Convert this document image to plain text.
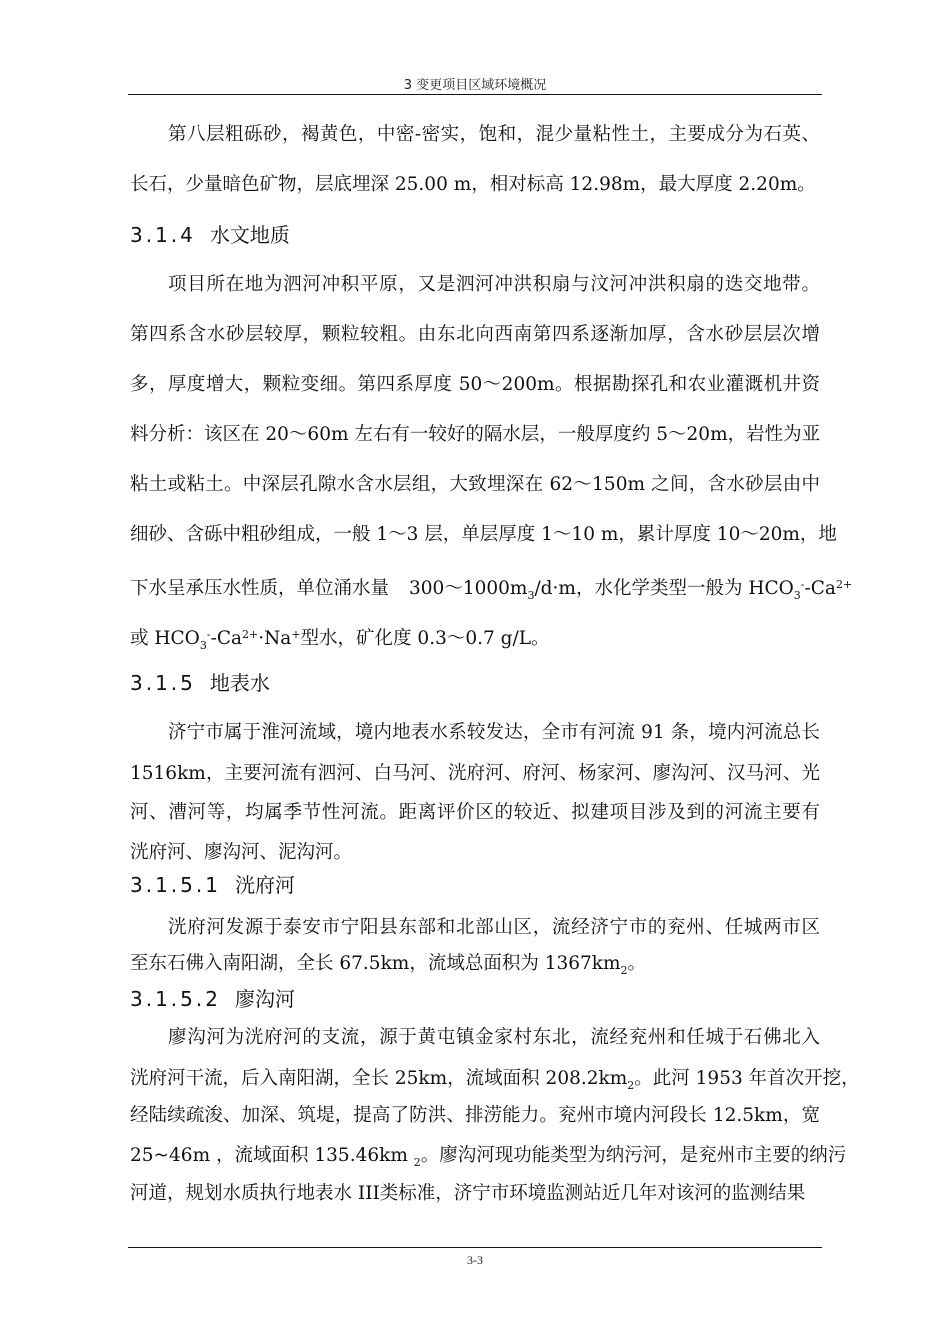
3 变更项目区域环境概况
第八层粗砾砂，褐黄色，中密-密实，饱和，混少量粘性土，主要成分为石英、
长石，少量暗色矿物，层底埋深 25.00 m，相对标高 12.98m，最大厚度 2.20m。
3.1.4 水文地质
项目所在地为泗河冲积平原，又是泗河冲洪积扇与汶河冲洪积扇的迭交地带。
第四系含水砂层较厚，颗粒较粗。由东北向西南第四系逐渐加厚，含水砂层层次增
多，厚度增大，颗粒变细。第四系厚度 50～200m。根据勘探孔和农业灌溉机井资
料分析：该区在 20～60m 左右有一较好的隔水层，一般厚度约 5～20m，岩性为亚
粘土或粘土。中深层孔隙水含水层组，大致埋深在 62～150m 之间，含水砂层由中
细砂、含砾中粗砂组成，一般 1～3 层，单层厚度 1～10 m，累计厚度 10～20m，地
下水呈承压水性质，单位涌水量 $300\sim 1000m_3/d\cdot m$，水化学类型一般为 $HCO_3^--Ca^{2+}$
或 $HCO_3^--Ca^{2+}\cdot Na^+$型水，矿化度 0.3～0.7 g/L。
3.1.5 地表水
济宁市属于淮河流域，境内地表水系较发达，全市有河流 91 条，境内河流总长
1516km，主要河流有泗河、白马河、洸府河、府河、杨家河、廖沟河、汉马河、光
河、漕河等，均属季节性河流。距离评价区的较近、拟建项目涉及到的河流主要有
洸府河、廖沟河、泥沟河。
3.1.5.1 洸府河
洸府河发源于泰安市宁阳县东部和北部山区，流经济宁市的兖州、任城两市区
至东石佛入南阳湖，全长 67.5km，流域总面积为 $1367km_2$。
3.1.5.2 廖沟河
廖沟河为洸府河的支流，源于黄屯镇金家村东北，流经兖州和任城于石佛北入
洸府河干流，后入南阳湖，全长 25km，流域面积 $208.2km_2$。此河 1953 年首次开挖，
经陆续疏浚、加深、筑堤，提高了防洪、排涝能力。兖州市境内河段长 12.5km，宽
25~46m ，流域面积 135.46km $_2$。廖沟河现功能类型为纳污河，是兖州市主要的纳污
河道，规划水质执行地表水 III类标准，济宁市环境监测站近几年对该河的监测结果
3-3
